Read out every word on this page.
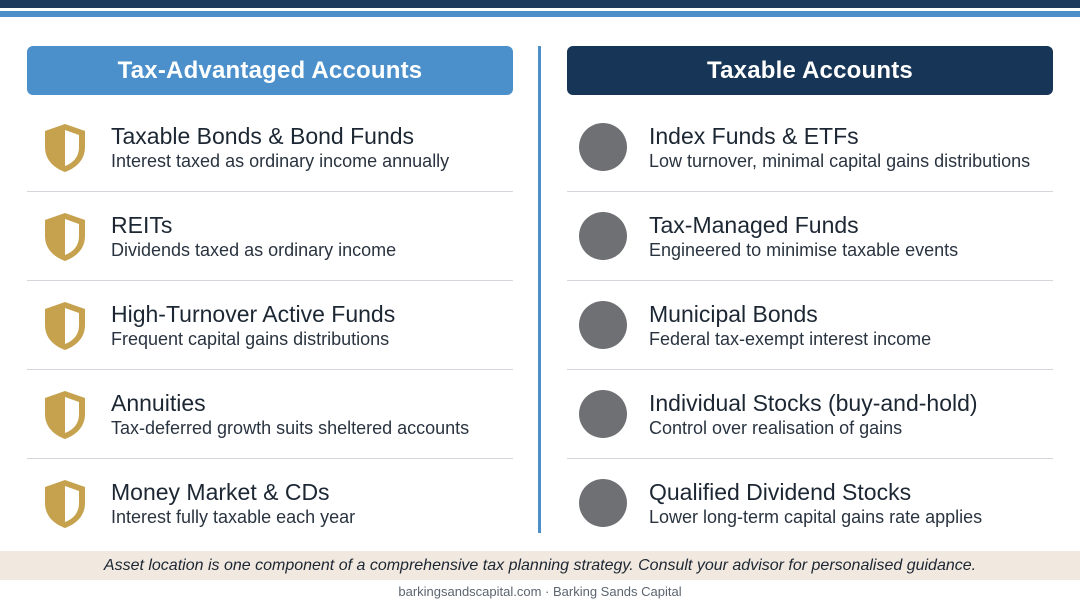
Tax-Advantaged Accounts	Taxable Accounts
Taxable Bonds & Bond Funds
Interest taxed as ordinary income annually
REITs
Dividends taxed as ordinary income
High-Turnover Active Funds
Frequent capital gains distributions
Annuities
Tax-deferred growth suits sheltered accounts
Money Market & CDs
Interest fully taxable each year
Index Funds & ETFs
Low turnover, minimal capital gains distributions
Tax-Managed Funds
Engineered to minimise taxable events
Municipal Bonds
Federal tax-exempt interest income
Individual Stocks (buy-and-hold)
Control over realisation of gains
Qualified Dividend Stocks
Lower long-term capital gains rate applies
Asset location is one component of a comprehensive tax planning strategy. Consult your advisor for personalised guidance.
barkingsandscapital.com · Barking Sands Capital
